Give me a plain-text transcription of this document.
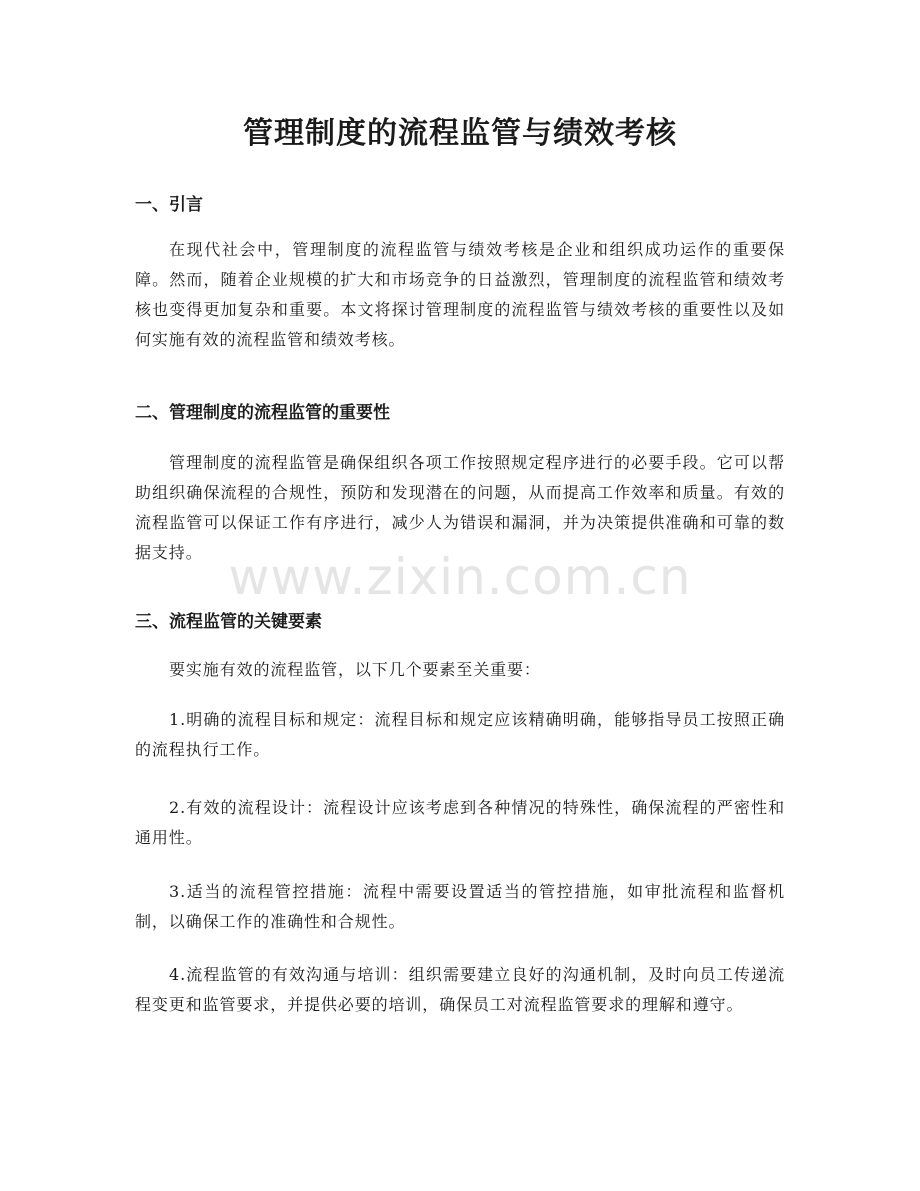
管理制度的流程监管与绩效考核
一、引言

在现代社会中，管理制度的流程监管与绩效考核是企业和组织成功运作的重要保障。然而，随着企业规模的扩大和市场竞争的日益激烈，管理制度的流程监管和绩效考核也变得更加复杂和重要。本文将探讨管理制度的流程监管与绩效考核的重要性以及如何实施有效的流程监管和绩效考核。

二、管理制度的流程监管的重要性

管理制度的流程监管是确保组织各项工作按照规定程序进行的必要手段。它可以帮助组织确保流程的合规性，预防和发现潜在的问题，从而提高工作效率和质量。有效的流程监管可以保证工作有序进行，减少人为错误和漏洞，并为决策提供准确和可靠的数据支持。

三、流程监管的关键要素

要实施有效的流程监管，以下几个要素至关重要：

1.明确的流程目标和规定：流程目标和规定应该精确明确，能够指导员工按照正确的流程执行工作。

2.有效的流程设计：流程设计应该考虑到各种情况的特殊性，确保流程的严密性和通用性。

3.适当的流程管控措施：流程中需要设置适当的管控措施，如审批流程和监督机制，以确保工作的准确性和合规性。

4.流程监管的有效沟通与培训：组织需要建立良好的沟通机制，及时向员工传递流程变更和监管要求，并提供必要的培训，确保员工对流程监管要求的理解和遵守。

www.zixin.com.cn
